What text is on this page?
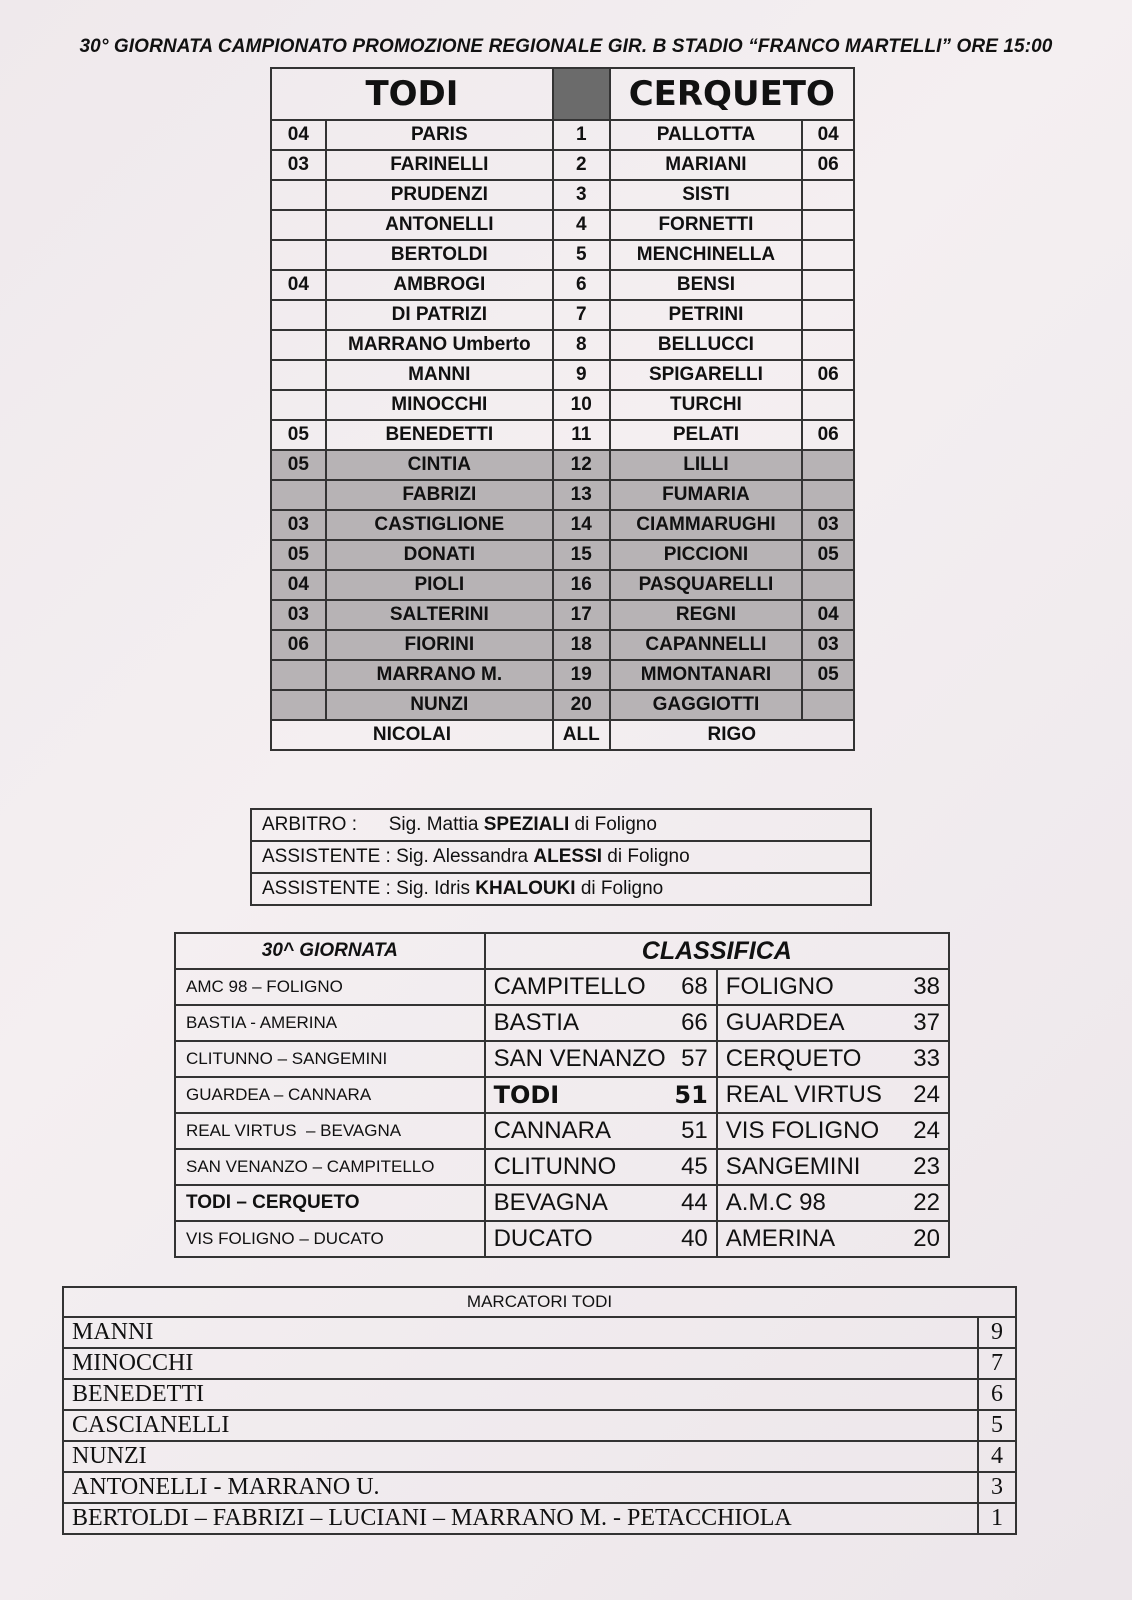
30° GIORNATA CAMPIONATO PROMOZIONE REGIONALE GIR. B STADIO “FRANCO MARTELLI” ORE 15:00
TODI			CERQUETO	
04	PARIS	1	PALLOTTA	04
03	FARINELLI	2	MARIANI	06
	PRUDENZI	3	SISTI	
	ANTONELLI	4	FORNETTI	
	BERTOLDI	5	MENCHINELLA	
04	AMBROGI	6	BENSI	
	DI PATRIZI	7	PETRINI	
	MARRANO Umberto	8	BELLUCCI	
	MANNI	9	SPIGARELLI	06
	MINOCCHI	10	TURCHI	
05	BENEDETTI	11	PELATI	06
05	CINTIA	12	LILLI	
	FABRIZI	13	FUMARIA	
03	CASTIGLIONE	14	CIAMMARUGHI	03
05	DONATI	15	PICCIONI	05
04	PIOLI	16	PASQUARELLI	
03	SALTERINI	17	REGNI	04
06	FIORINI	18	CAPANNELLI	03
	MARRANO M.	19	MMONTANARI	05
	NUNZI	20	GAGGIOTTI	
NICOLAI		ALL	RIGO	
ARBITRO : Sig. Mattia SPEZIALI di Foligno
ASSISTENTE : Sig. Alessandra ALESSI di Foligno
ASSISTENTE : Sig. Idris KHALOUKI di Foligno
30^ GIORNATA	CLASSIFICA	
AMC 98 – FOLIGNO	CAMPITELLO 68	FOLIGNO 38

BASTIA - AMERINA	BASTIA 66	GUARDEA 37

CLITUNNO – SANGEMINI	SAN VENANZO 57	CERQUETO 33

GUARDEA – CANNARA	TODI 51	REAL VIRTUS 24

REAL VIRTUS  – BEVAGNA	CANNARA 51	VIS FOLIGNO 24

SAN VENANZO – CAMPITELLO	CLITUNNO 45	SANGEMINI 23

TODI – CERQUETO	BEVAGNA 44	A.M.C 98 22

VIS FOLIGNO – DUCATO	DUCATO 40	AMERINA 20
MARCATORI TODI	
MANNI	9
MINOCCHI	7
BENEDETTI	6
CASCIANELLI	5
NUNZI	4
ANTONELLI - MARRANO U.	3
BERTOLDI – FABRIZI – LUCIANI – MARRANO M. - PETACCHIOLA	1
